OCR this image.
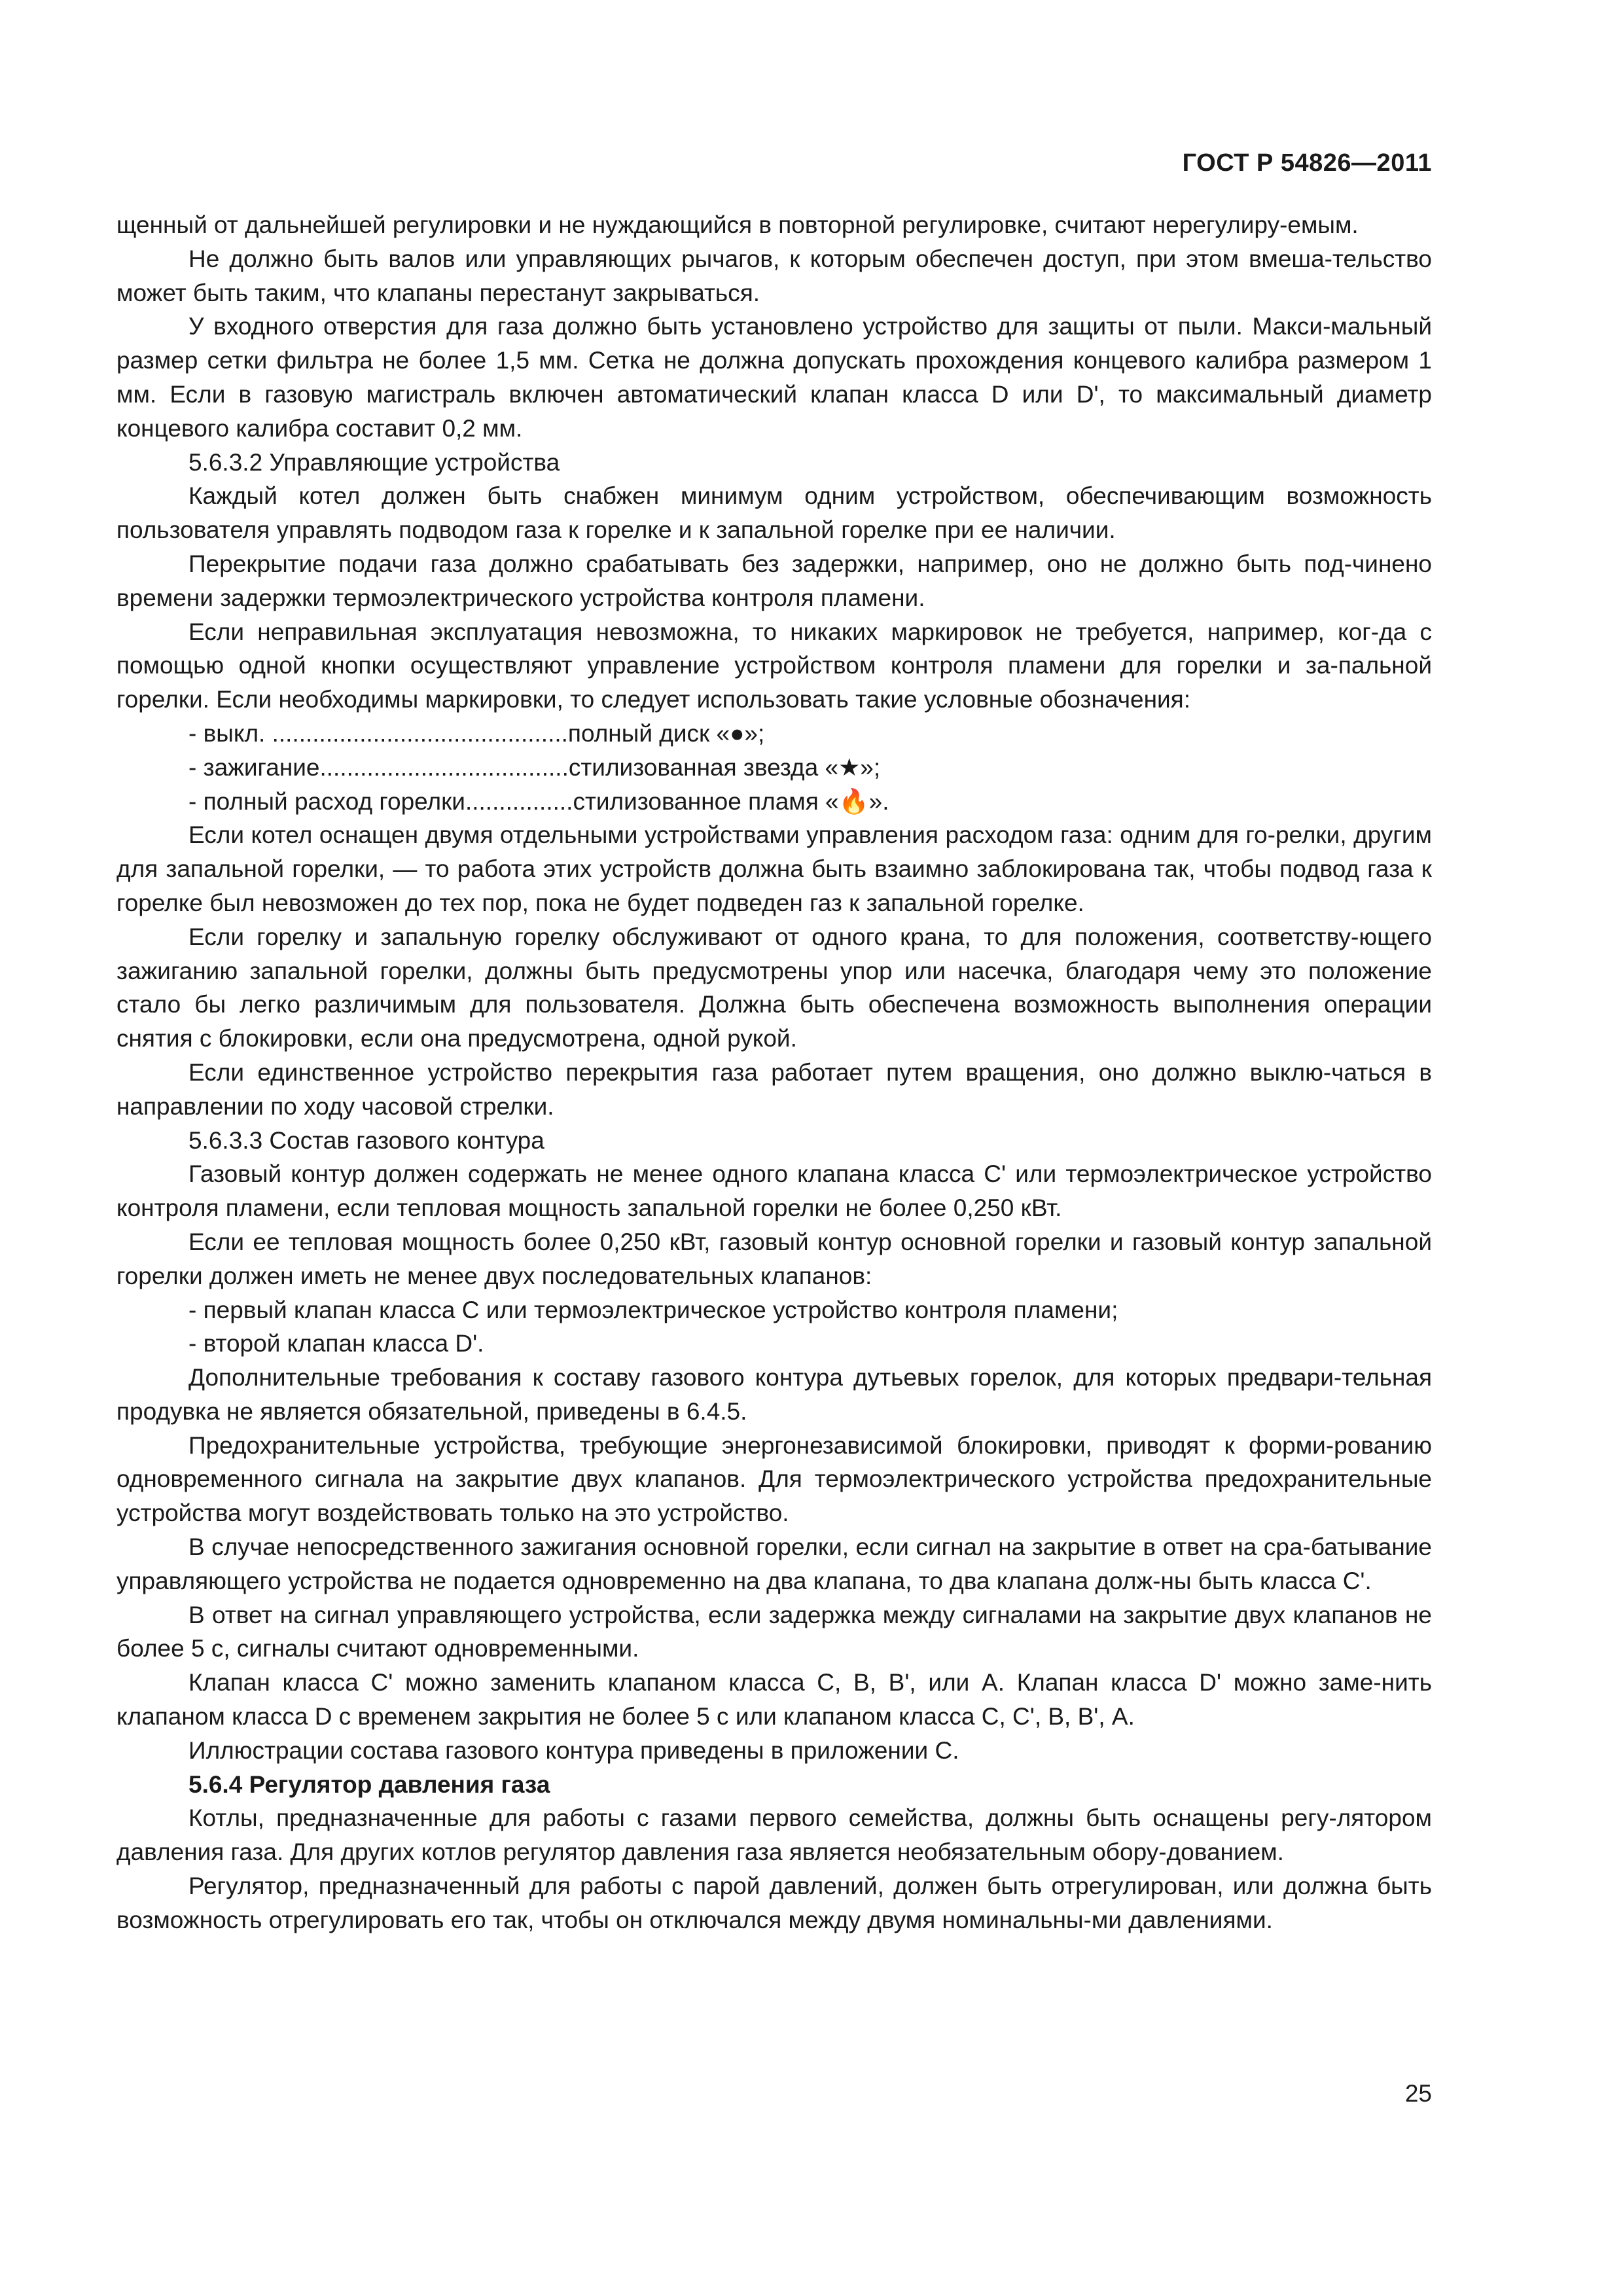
ГОСТ Р 54826—2011

щенный от дальнейшей регулировки и не нуждающийся в повторной регулировке, считают нерегулиру-емым.

Не должно быть валов или управляющих рычагов, к которым обеспечен доступ, при этом вмеша-тельство может быть таким, что клапаны перестанут закрываться.

У входного отверстия для газа должно быть установлено устройство для защиты от пыли. Макси-мальный размер сетки фильтра не более 1,5 мм. Сетка не должна допускать прохождения концевого калибра размером 1 мм. Если в газовую магистраль включен автоматический клапан класса D или D', то максимальный диаметр концевого калибра составит 0,2 мм.

5.6.3.2 Управляющие устройства

Каждый котел должен быть снабжен минимум одним устройством, обеспечивающим возможность пользователя управлять подводом газа к горелке и к запальной горелке при ее наличии.

Перекрытие подачи газа должно срабатывать без задержки, например, оно не должно быть под-чинено времени задержки термоэлектрического устройства контроля пламени.

Если неправильная эксплуатация невозможна, то никаких маркировок не требуется, например, ког-да с помощью одной кнопки осуществляют управление устройством контроля пламени для горелки и за-пальной горелки. Если необходимы маркировки, то следует использовать такие условные обозначения:

- выкл. ............................................полный диск «●»;

- зажигание.....................................стилизованная звезда «★»;

- полный расход горелки................стилизованное пламя «🔥».

Если котел оснащен двумя отдельными устройствами управления расходом газа: одним для го-релки, другим для запальной горелки, — то работа этих устройств должна быть взаимно заблокирована так, чтобы подвод газа к горелке был невозможен до тех пор, пока не будет подведен газ к запальной горелке.

Если горелку и запальную горелку обслуживают от одного крана, то для положения, соответству-ющего зажиганию запальной горелки, должны быть предусмотрены упор или насечка, благодаря чему это положение стало бы легко различимым для пользователя. Должна быть обеспечена возможность выполнения операции снятия с блокировки, если она предусмотрена, одной рукой.

Если единственное устройство перекрытия газа работает путем вращения, оно должно выклю-чаться в направлении по ходу часовой стрелки.

5.6.3.3 Состав газового контура

Газовый контур должен содержать не менее одного клапана класса С' или термоэлектрическое устройство контроля пламени, если тепловая мощность запальной горелки не более 0,250 кВт.

Если ее тепловая мощность более 0,250 кВт, газовый контур основной горелки и газовый контур запальной горелки должен иметь не менее двух последовательных клапанов:

- первый клапан класса С или термоэлектрическое устройство контроля пламени;

- второй клапан класса D'.

Дополнительные требования к составу газового контура дутьевых горелок, для которых предвари-тельная продувка не является обязательной, приведены в 6.4.5.

Предохранительные устройства, требующие энергонезависимой блокировки, приводят к форми-рованию одновременного сигнала на закрытие двух клапанов. Для термоэлектрического устройства предохранительные устройства могут воздействовать только на это устройство.

В случае непосредственного зажигания основной горелки, если сигнал на закрытие в ответ на сра-батывание управляющего устройства не подается одновременно на два клапана, то два клапана долж-ны быть класса С'.

В ответ на сигнал управляющего устройства, если задержка между сигналами на закрытие двух клапанов не более 5 с, сигналы считают одновременными.

Клапан класса С' можно заменить клапаном класса С, В, В', или А. Клапан класса D' можно заме-нить клапаном класса D с временем закрытия не более 5 с или клапаном класса С, С', В, В', А.

Иллюстрации состава газового контура приведены в приложении С.

5.6.4 Регулятор давления газа

Котлы, предназначенные для работы с газами первого семейства, должны быть оснащены регу-лятором давления газа. Для других котлов регулятор давления газа является необязательным обору-дованием.

Регулятор, предназначенный для работы с парой давлений, должен быть отрегулирован, или должна быть возможность отрегулировать его так, чтобы он отключался между двумя номинальны-ми давлениями.

25
